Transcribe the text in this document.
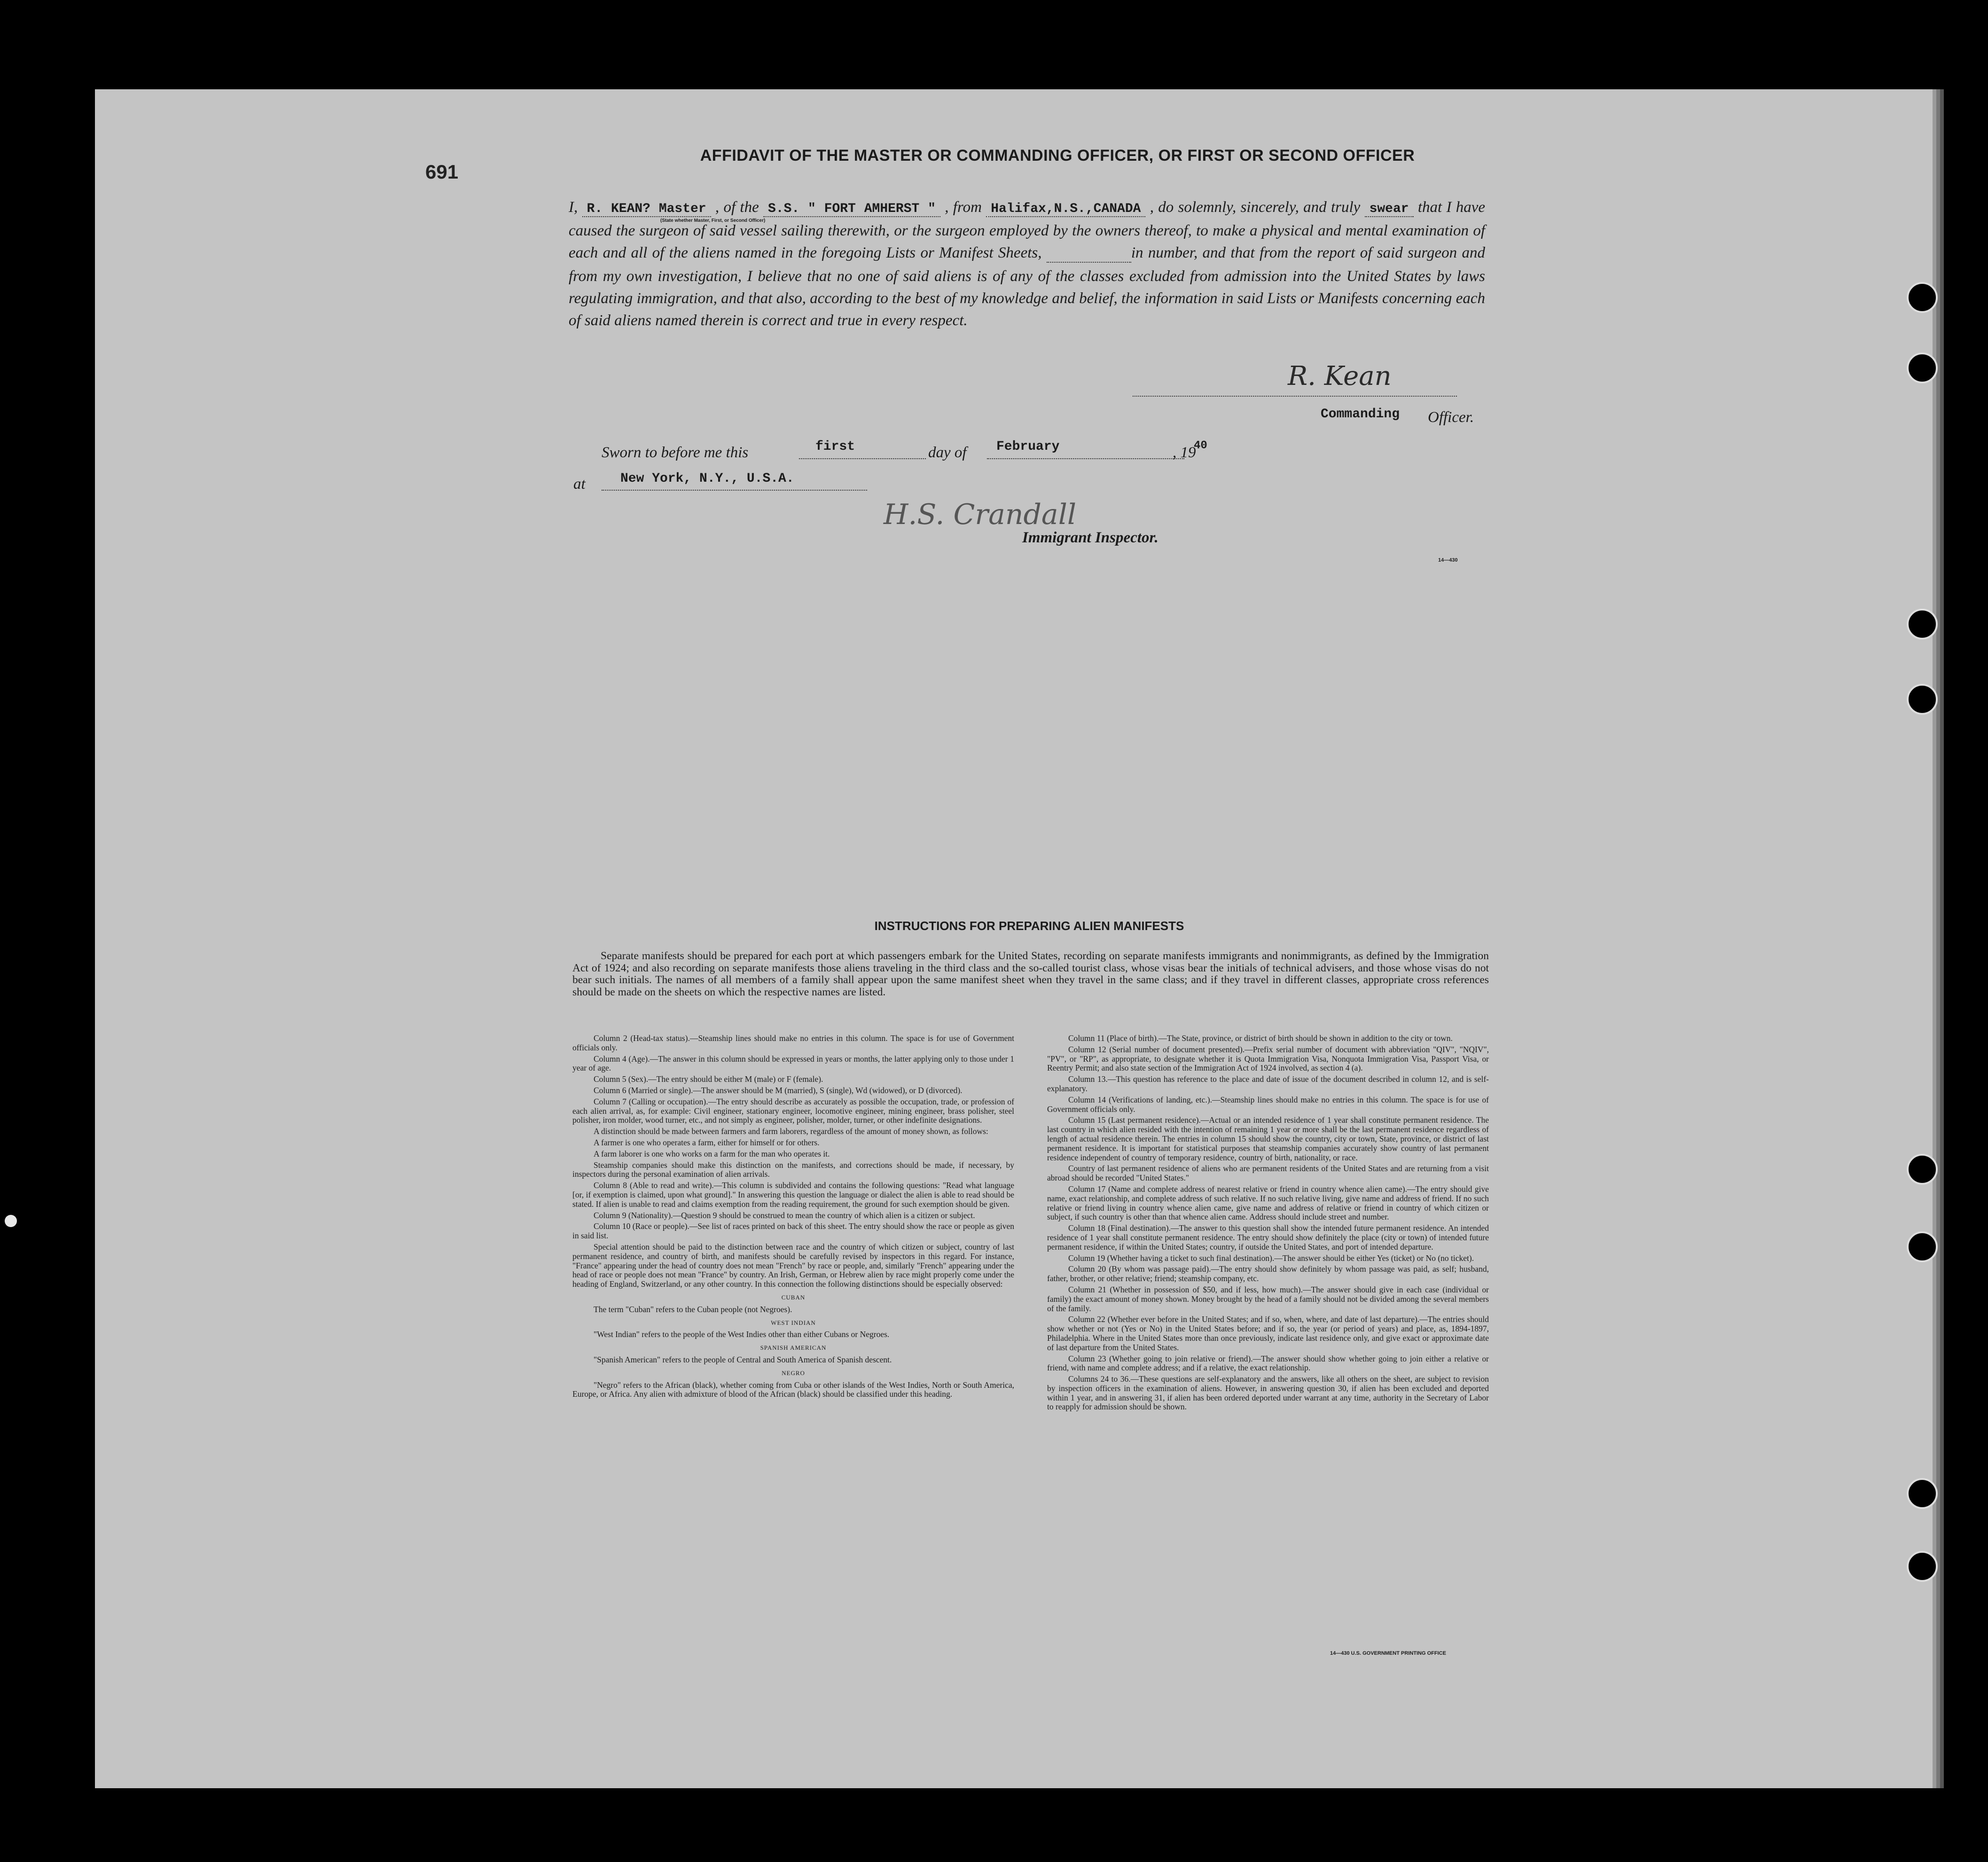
691
AFFIDAVIT OF THE MASTER OR COMMANDING OFFICER, OR FIRST OR SECOND OFFICER
I, R. KEAN? Master , of the S.S. " FORT AMHERST " , from Halifax,N.S.,CANADA , do solemnly, sincerely, and truly swear that I have caused the surgeon of said vessel sailing therewith, or the surgeon employed by the owners thereof, to make a physical and mental examination of each and all of the aliens named in the foregoing Lists or Manifest Sheets,	in number, and that from the report of said surgeon and from my own investigation, I believe that no one of said aliens is of any of the classes excluded from admission into the United States by laws regulating immigration, and that also, according to the best of my knowledge and belief, the information in said Lists or Manifests concerning each of said aliens named therein is correct and true in every respect.
(State whether Master, First, or Second Officer)
R. Kean
Commanding Officer.
Sworn to before me this	first	day of February	, 19
40
at	New York, N.Y., U.S.A.
H.S. Crandall
Immigrant Inspector.
14—430
INSTRUCTIONS FOR PREPARING ALIEN MANIFESTS
Separate manifests should be prepared for each port at which passengers embark for the United States, recording on separate manifests immigrants and nonimmigrants, as defined by the Immigration Act of 1924; and also recording on separate manifests those aliens traveling in the third class and the so-called tourist class, whose visas bear the initials of technical advisers, and those whose visas do not bear such initials. The names of all members of a family shall appear upon the same manifest sheet when they travel in the same class; and if they travel in different classes, appropriate cross references should be made on the sheets on which the respective names are listed.

Column 2 (Head-tax status).—Steamship lines should make no entries in this column. The space is for use of Government officials only.

Column 4 (Age).—The answer in this column should be expressed in years or months, the latter applying only to those under 1 year of age.

Column 5 (Sex).—The entry should be either M (male) or F (female).

Column 6 (Married or single).—The answer should be M (married), S (single), Wd (widowed), or D (divorced).

Column 7 (Calling or occupation).—The entry should describe as accurately as possible the occupation, trade, or profession of each alien arrival, as, for example: Civil engineer, stationary engineer, locomotive engineer, mining engineer, brass polisher, steel polisher, iron molder, wood turner, etc., and not simply as engineer, polisher, molder, turner, or other indefinite designations.

A distinction should be made between farmers and farm laborers, regardless of the amount of money shown, as follows:

A farmer is one who operates a farm, either for himself or for others.

A farm laborer is one who works on a farm for the man who operates it.

Steamship companies should make this distinction on the manifests, and corrections should be made, if necessary, by inspectors during the personal examination of alien arrivals.

Column 8 (Able to read and write).—This column is subdivided and contains the following questions: "Read what language [or, if exemption is claimed, upon what ground]." In answering this question the language or dialect the alien is able to read should be stated. If alien is unable to read and claims exemption from the reading requirement, the ground for such exemption should be given.

Column 9 (Nationality).—Question 9 should be construed to mean the country of which alien is a citizen or subject.

Column 10 (Race or people).—See list of races printed on back of this sheet. The entry should show the race or people as given in said list.

Special attention should be paid to the distinction between race and the country of which citizen or subject, country of last permanent residence, and country of birth, and manifests should be carefully revised by inspectors in this regard. For instance, "France" appearing under the head of country does not mean "French" by race or people, and, similarly "French" appearing under the head of race or people does not mean "France" by country. An Irish, German, or Hebrew alien by race might properly come under the heading of England, Switzerland, or any other country. In this connection the following distinctions should be especially observed:

CUBAN

The term "Cuban" refers to the Cuban people (not Negroes).

WEST INDIAN

"West Indian" refers to the people of the West Indies other than either Cubans or Negroes.

SPANISH AMERICAN

"Spanish American" refers to the people of Central and South America of Spanish descent.

NEGRO

"Negro" refers to the African (black), whether coming from Cuba or other islands of the West Indies, North or South America, Europe, or Africa. Any alien with admixture of blood of the African (black) should be classified under this heading.

Column 11 (Place of birth).—The State, province, or district of birth should be shown in addition to the city or town.

Column 12 (Serial number of document presented).—Prefix serial number of document with abbreviation "QIV", "NQIV", "PV", or "RP", as appropriate, to designate whether it is Quota Immigration Visa, Nonquota Immigration Visa, Passport Visa, or Reentry Permit; and also state section of the Immigration Act of 1924 involved, as section 4 (a).

Column 13.—This question has reference to the place and date of issue of the document described in column 12, and is self-explanatory.

Column 14 (Verifications of landing, etc.).—Steamship lines should make no entries in this column. The space is for use of Government officials only.

Column 15 (Last permanent residence).—Actual or an intended residence of 1 year shall constitute permanent residence. The last country in which alien resided with the intention of remaining 1 year or more shall be the last permanent residence regardless of length of actual residence therein. The entries in column 15 should show the country, city or town, State, province, or district of last permanent residence. It is important for statistical purposes that steamship companies accurately show country of last permanent residence independent of country of temporary residence, country of birth, nationality, or race.

Country of last permanent residence of aliens who are permanent residents of the United States and are returning from a visit abroad should be recorded "United States."

Column 17 (Name and complete address of nearest relative or friend in country whence alien came).—The entry should give name, exact relationship, and complete address of such relative. If no such relative living, give name and address of friend. If no such relative or friend living in country whence alien came, give name and address of relative or friend in country of which citizen or subject, if such country is other than that whence alien came. Address should include street and number.

Column 18 (Final destination).—The answer to this question shall show the intended future permanent residence. An intended residence of 1 year shall constitute permanent residence. The entry should show definitely the place (city or town) of intended future permanent residence, if within the United States; country, if outside the United States, and port of intended departure.

Column 19 (Whether having a ticket to such final destination).—The answer should be either Yes (ticket) or No (no ticket).

Column 20 (By whom was passage paid).—The entry should show definitely by whom passage was paid, as self; husband, father, brother, or other relative; friend; steamship company, etc.

Column 21 (Whether in possession of $50, and if less, how much).—The answer should give in each case (individual or family) the exact amount of money shown. Money brought by the head of a family should not be divided among the several members of the family.

Column 22 (Whether ever before in the United States; and if so, when, where, and date of last departure).—The entries should show whether or not (Yes or No) in the United States before; and if so, the year (or period of years) and place, as, 1894-1897, Philadelphia. Where in the United States more than once previously, indicate last residence only, and give exact or approximate date of last departure from the United States.

Column 23 (Whether going to join relative or friend).—The answer should show whether going to join either a relative or friend, with name and complete address; and if a relative, the exact relationship.

Columns 24 to 36.—These questions are self-explanatory and the answers, like all others on the sheet, are subject to revision by inspection officers in the examination of aliens. However, in answering question 30, if alien has been excluded and deported within 1 year, and in answering 31, if alien has been ordered deported under warrant at any time, authority in the Secretary of Labor to reapply for admission should be shown.

14—430 U.S. GOVERNMENT PRINTING OFFICE
